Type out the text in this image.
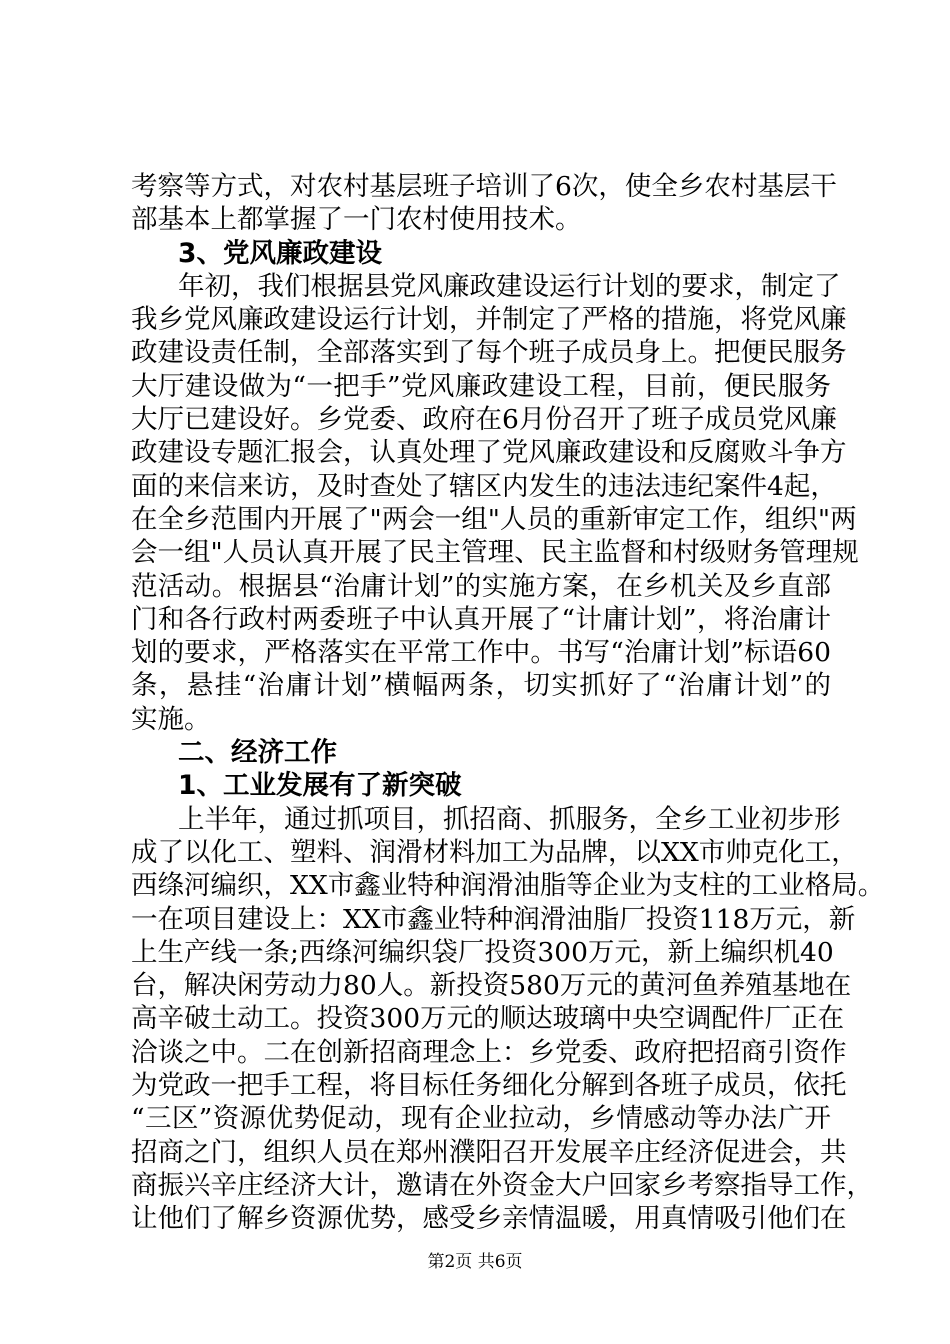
考察等方式，对农村基层班子培训了6次，使全乡农村基层干
部基本上都掌握了一门农村使用技术。
3、党风廉政建设
年初，我们根据县党风廉政建设运行计划的要求，制定了
我乡党风廉政建设运行计划，并制定了严格的措施，将党风廉
政建设责任制，全部落实到了每个班子成员身上。把便民服务
大厅建设做为“一把手”党风廉政建设工程，目前，便民服务
大厅已建设好。乡党委、政府在6月份召开了班子成员党风廉
政建设专题汇报会，认真处理了党风廉政建设和反腐败斗争方
面的来信来访，及时查处了辖区内发生的违法违纪案件4起，
在全乡范围内开展了"两会一组"人员的重新审定工作，组织"两
会一组"人员认真开展了民主管理、民主监督和村级财务管理规
范活动。根据县“治庸计划”的实施方案，在乡机关及乡直部
门和各行政村两委班子中认真开展了“计庸计划”，将治庸计
划的要求，严格落实在平常工作中。书写“治庸计划”标语60
条，悬挂“治庸计划”横幅两条，切实抓好了“治庸计划”的
实施。
二、经济工作
1、工业发展有了新突破
上半年，通过抓项目，抓招商、抓服务，全乡工业初步形
成了以化工、塑料、润滑材料加工为品牌，以XX市帅克化工，
西绦河编织，XX市鑫业特种润滑油脂等企业为支柱的工业格局。
一在项目建设上：XX市鑫业特种润滑油脂厂投资118万元，新
上生产线一条;西绦河编织袋厂投资300万元，新上编织机40
台，解决闲劳动力80人。新投资580万元的黄河鱼养殖基地在
高辛破土动工。投资300万元的顺达玻璃中央空调配件厂正在
洽谈之中。二在创新招商理念上：乡党委、政府把招商引资作
为党政一把手工程，将目标任务细化分解到各班子成员，依托
“三区”资源优势促动，现有企业拉动，乡情感动等办法广开
招商之门，组织人员在郑州濮阳召开发展辛庄经济促进会，共
商振兴辛庄经济大计，邀请在外资金大户回家乡考察指导工作，
让他们了解乡资源优势，感受乡亲情温暖，用真情吸引他们在
第2页 共6页
